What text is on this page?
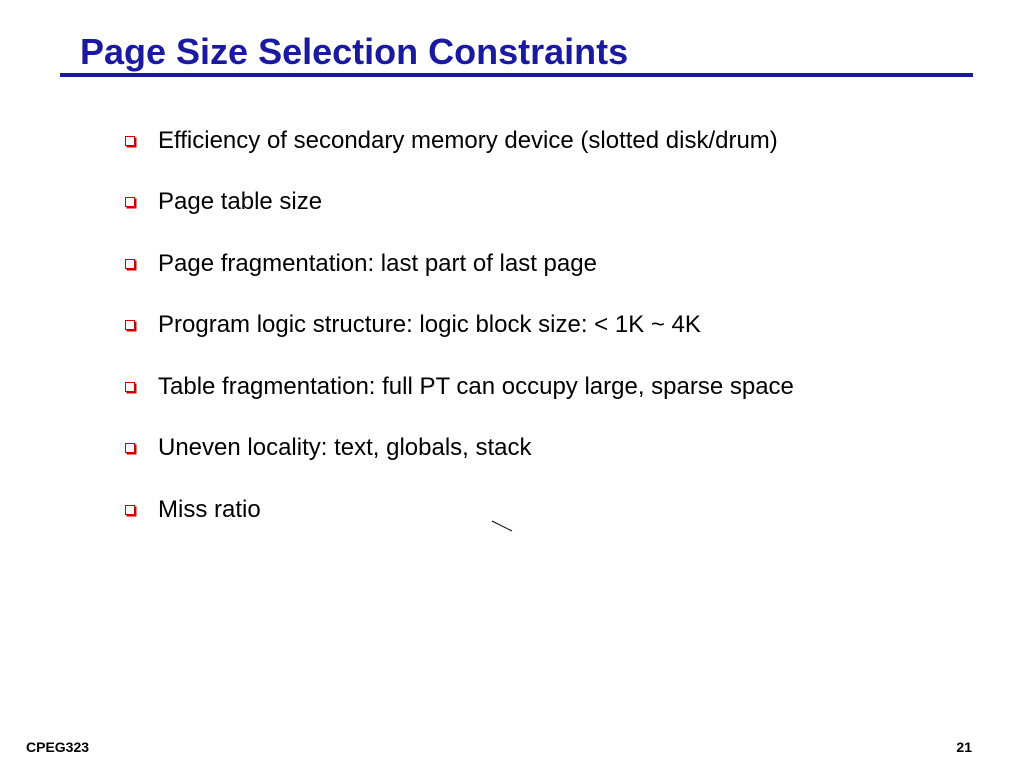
Page Size Selection Constraints
Efficiency of secondary memory device (slotted disk/drum)
Page table size
Page fragmentation: last part of last page
Program logic structure: logic block size: < 1K ~ 4K
Table fragmentation: full PT can occupy large, sparse space
Uneven locality: text, globals, stack
Miss ratio
CPEG323	21
